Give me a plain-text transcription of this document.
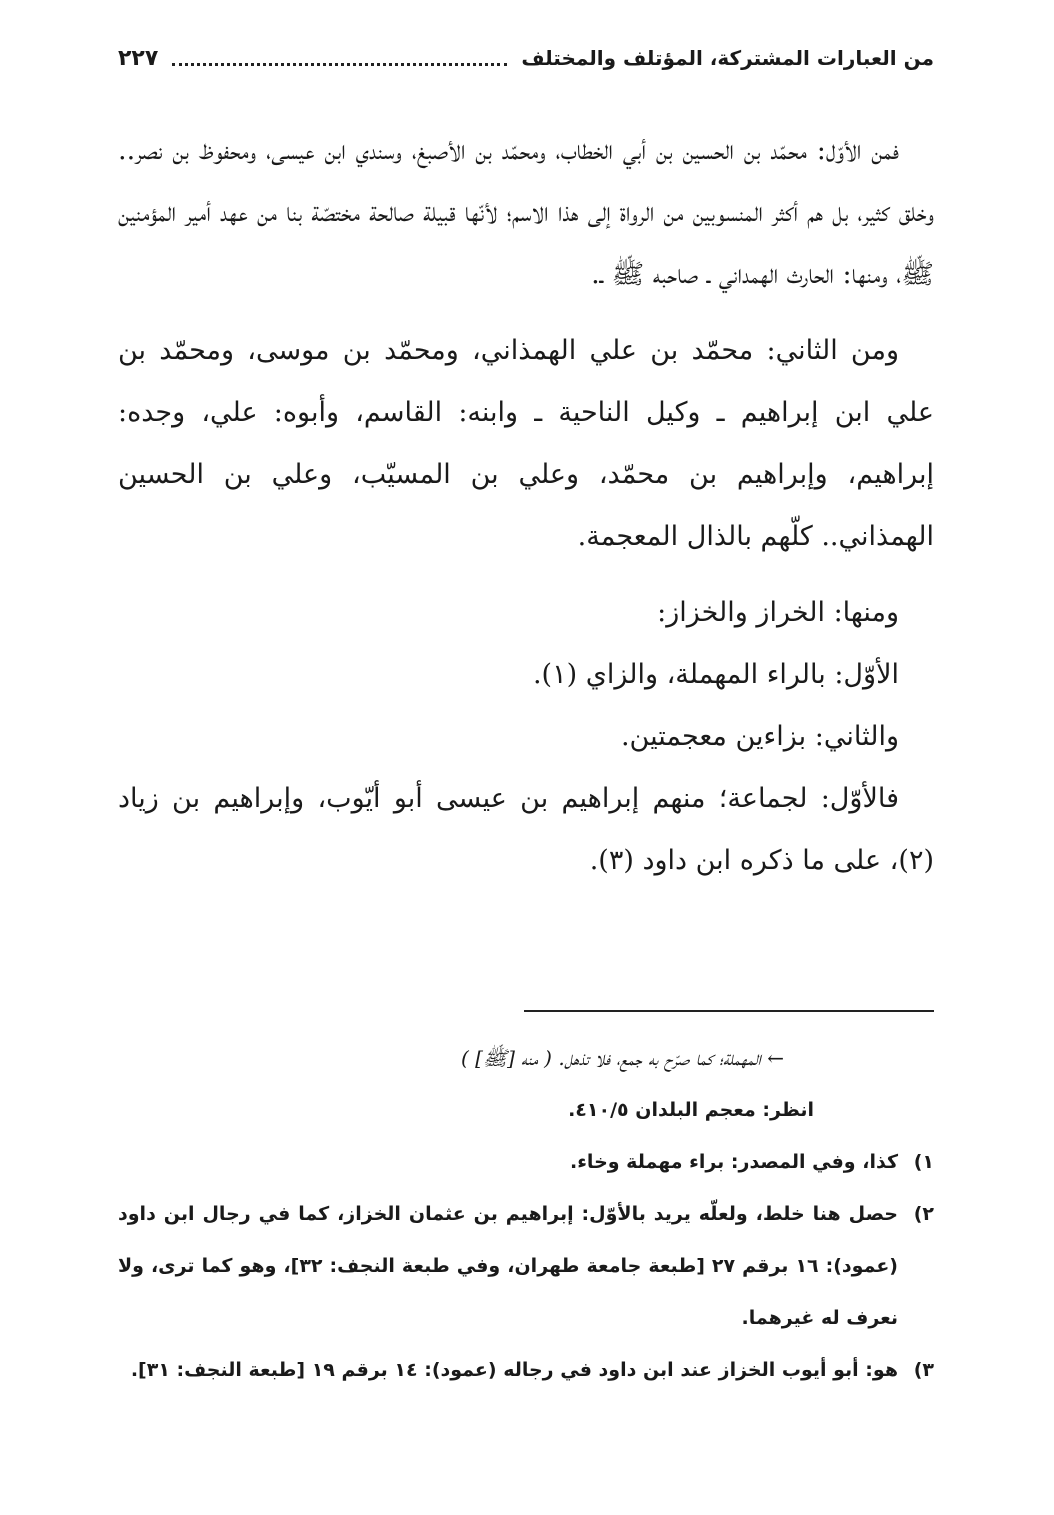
من العبارات المشتركة، المؤتلف والمختلف
٢٢٧

فمن الأوّل: محمّد بن الحسين بن أبي الخطاب، ومحمّد بن الأصبغ، وسندي ابن عيسى، ومحفوظ بن نصر.. وخلق كثير، بل هم أكثر المنسوبين من الرواة إلى هذا الاسم؛ لأنّها قبيلة صالحة مختصّة بنا من عهد أمير المؤمنين ﷺ، ومنها: الحارث الهمداني ـ صاحبه ﷺ ـ.

ومن الثاني: محمّد بن علي الهمذاني، ومحمّد بن موسى، ومحمّد بن علي ابن إبراهيم ـ وكيل الناحية ـ وابنه: القاسم، وأبوه: علي، وجده: إبراهيم، وإبراهيم بن محمّد، وعلي بن المسيّب، وعلي بن الحسين الهمذاني.. كلّهم بالذال المعجمة.

ومنها: الخراز والخزاز:

الأوّل: بالراء المهملة، والزاي (١).

والثاني: بزاءين معجمتين.

فالأوّل: لجماعة؛ منهم إبراهيم بن عيسى أبو أيّوب، وإبراهيم بن زياد (٢)، على ما ذكره ابن داود (٣).

← المهملة؛ كما صرّح به جمع، فلا تذهل. ( منه [ﷺ] )

انظر: معجم البلدان ٤١٠/٥.

١)
كذا، وفي المصدر: براء مهملة وخاء.
٢)
حصل هنا خلط، ولعلّه يريد بالأوّل: إبراهيم بن عثمان الخزاز، كما في رجال ابن داود (عمود): ١٦ برقم ٢٧ [طبعة جامعة طهران، وفي طبعة النجف: ٣٢]، وهو كما ترى، ولا نعرف له غيرهما.
٣)
هو: أبو أيوب الخزاز عند ابن داود في رجاله (عمود): ١٤ برقم ١٩ [طبعة النجف: ٣١].
